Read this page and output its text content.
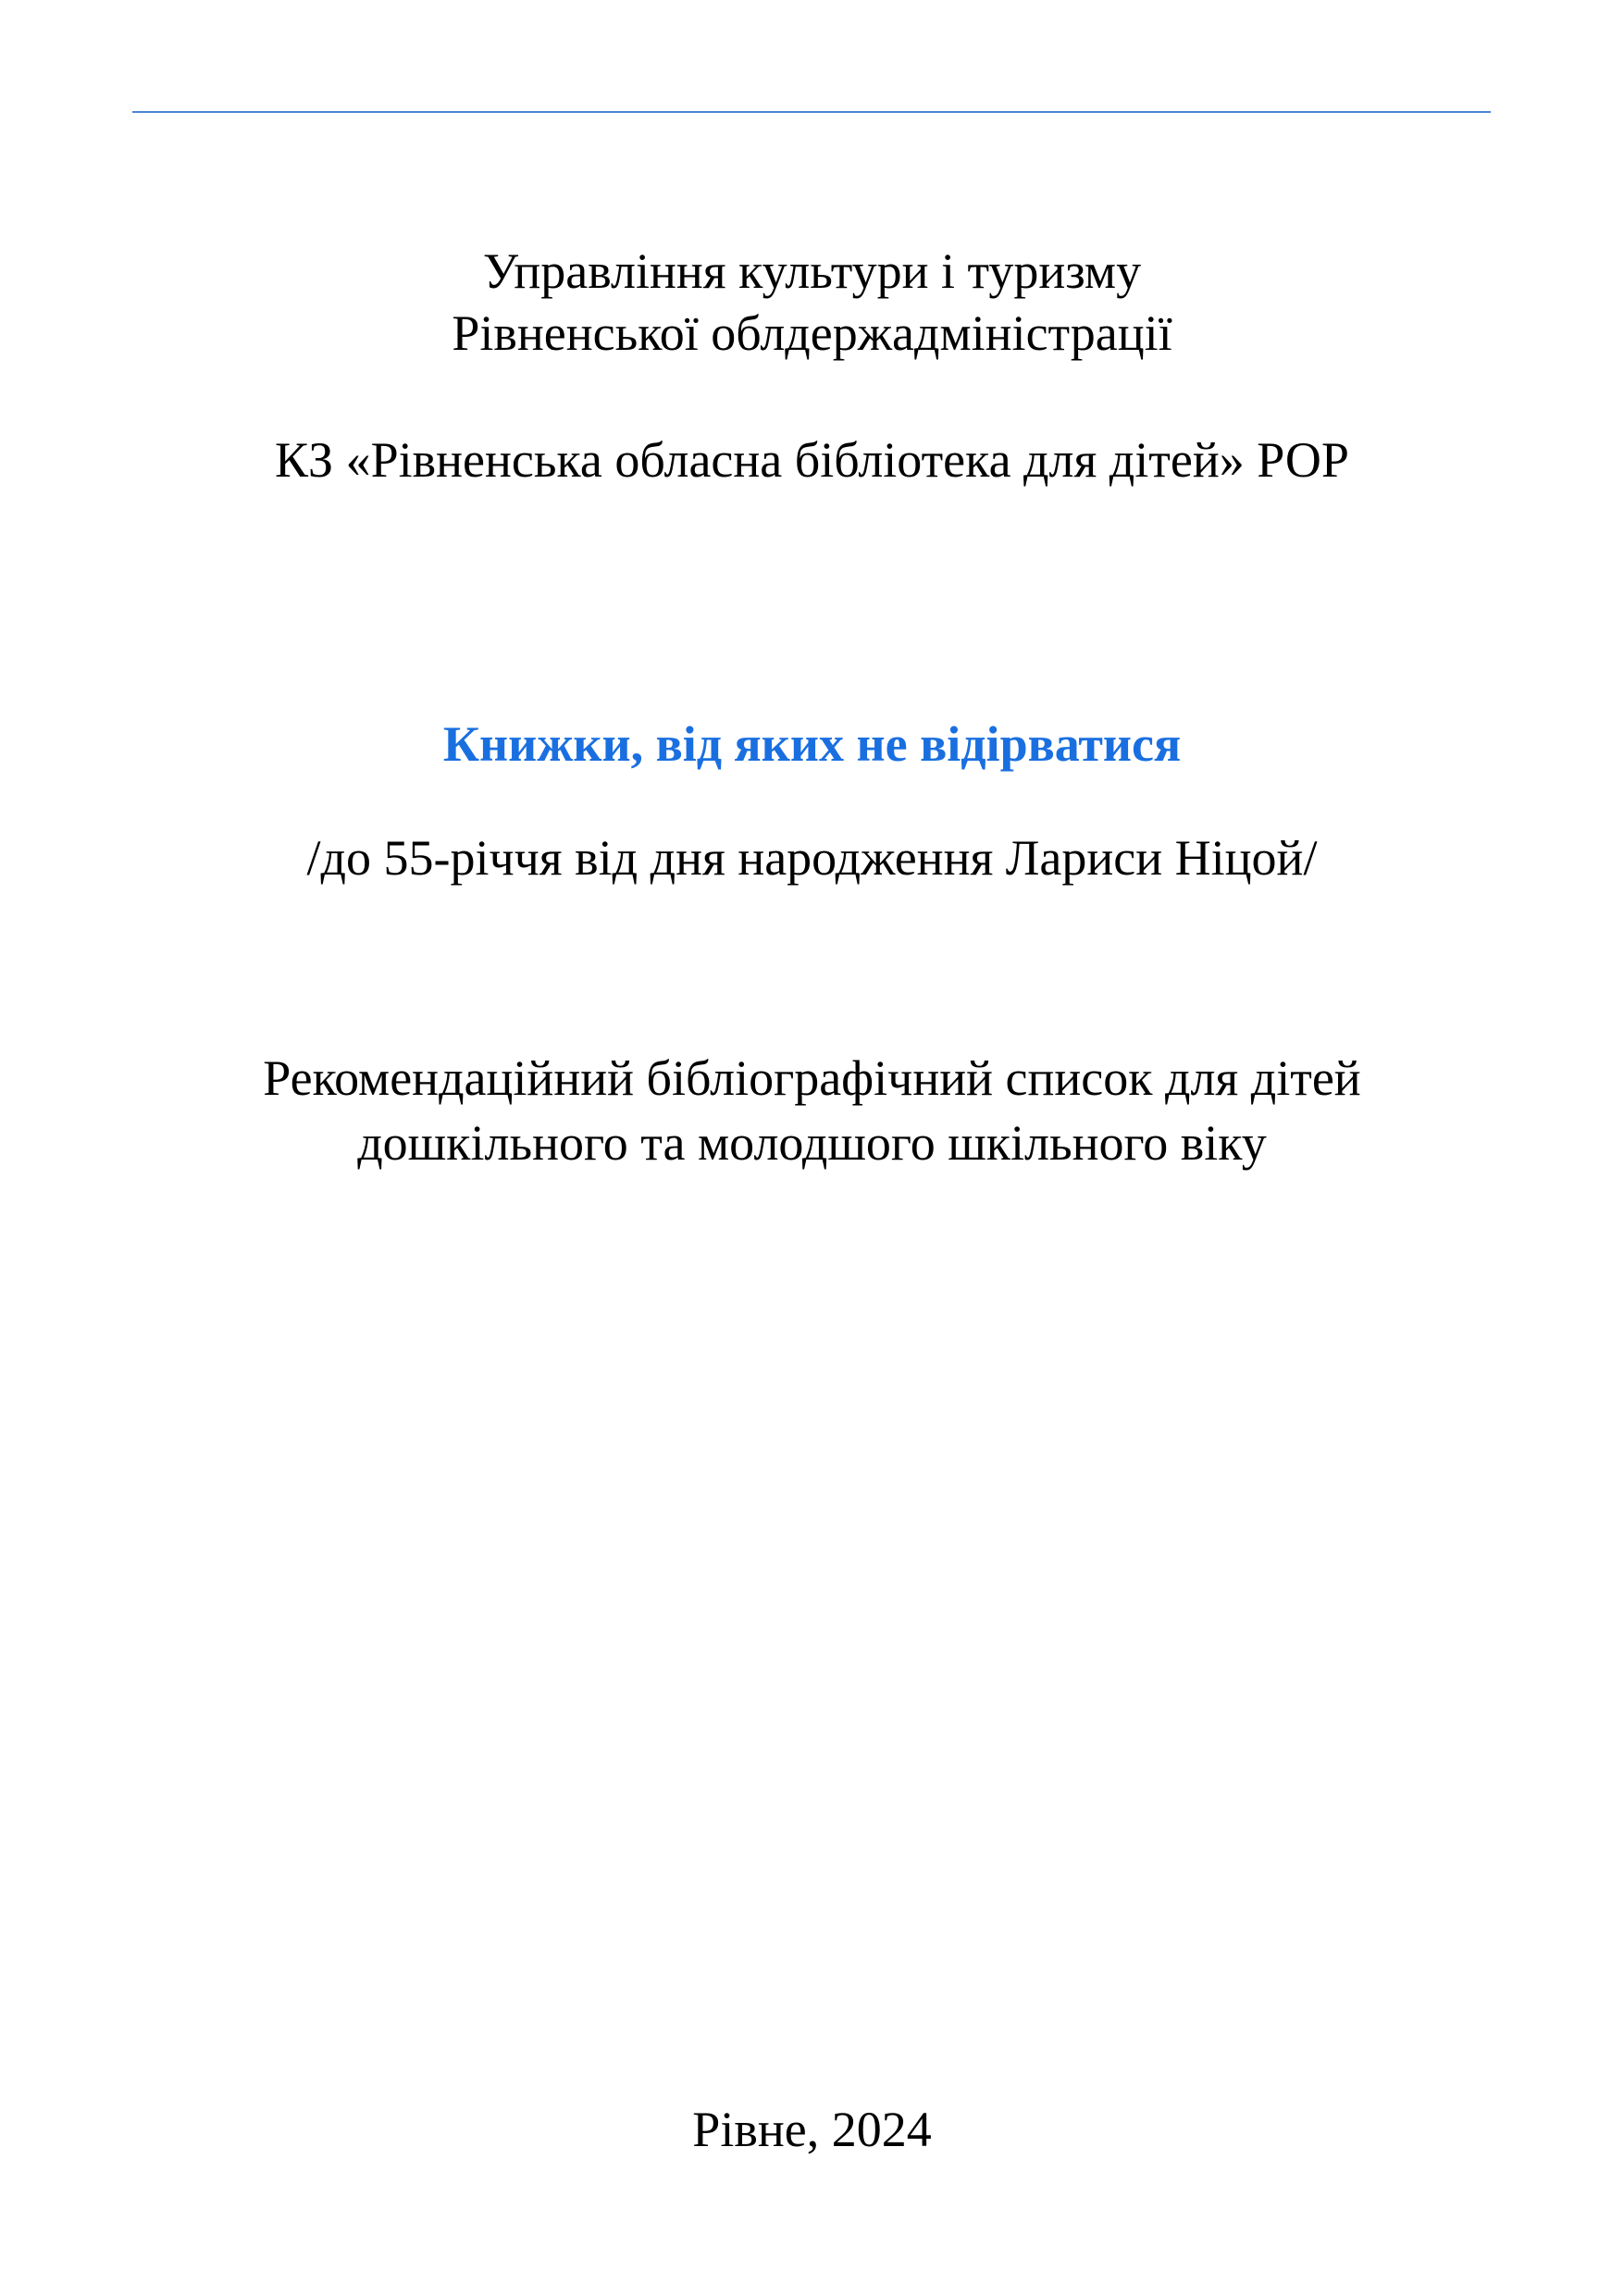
Управління культури і туризму
Рівненської облдержадміністрації
КЗ «Рівненська обласна бібліотека для дітей» РОР
Книжки, від яких не відірватися
/до 55-річчя від дня народження Лариси Ніцой/
Рекомендаційний бібліографічний список для дітей
дошкільного та молодшого шкільного віку
Рівне, 2024
